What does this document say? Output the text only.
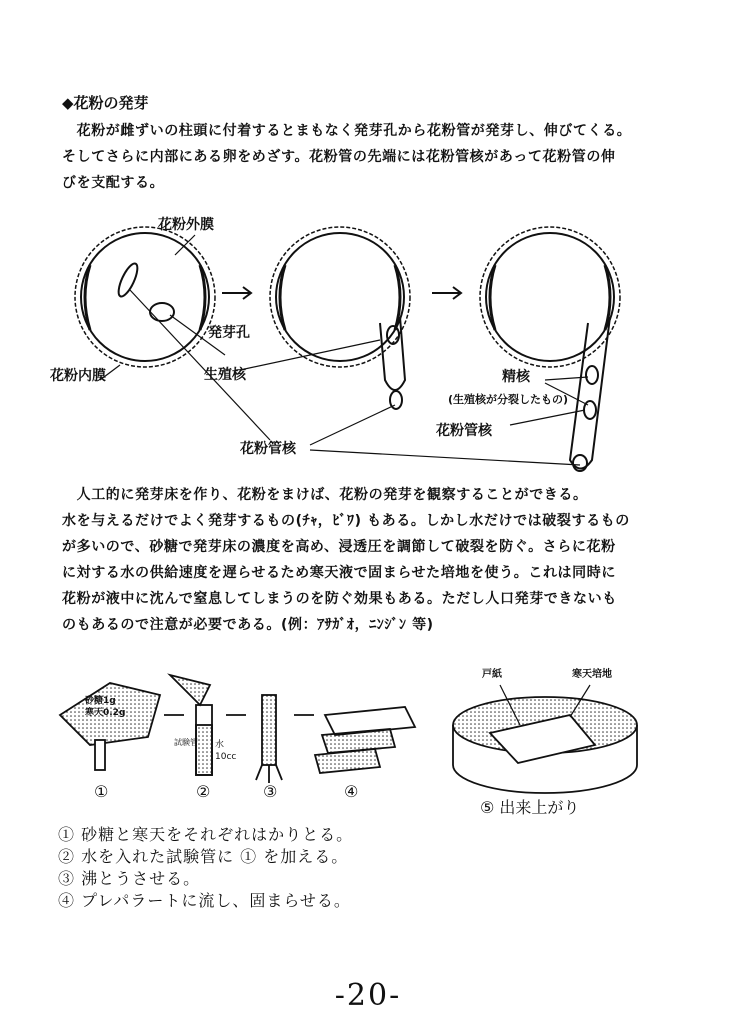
◆花粉の発芽
　花粉が雌ずいの柱頭に付着するとまもなく発芽孔から花粉管が発芽し、伸びてくる。
そしてさらに内部にある卵をめざす。花粉管の先端には花粉管核があって花粉管の伸
びを支配する。
花粉外膜
花粉内膜
発芽孔
生殖核
花粉管核
精核
(生殖核が分裂したもの)
花粉管核
　人工的に発芽床を作り、花粉をまけば、花粉の発芽を観察することができる。
水を与えるだけでよく発芽するもの(ﾁｬ，ﾋﾞﾜ) もある。しかし水だけでは破裂するもの
が多いので、砂糖で発芽床の濃度を高め、浸透圧を調節して破裂を防ぐ。さらに花粉
に対する水の供給速度を遅らせるため寒天液で固まらせた培地を使う。これは同時に
花粉が液中に沈んで窒息してしまうのを防ぐ効果もある。ただし人口発芽できないも
のもあるので注意が必要である。(例：ｱｻｶﾞｵ，ﾆﾝｼﾞﾝ 等)
砂糖1g
寒天0.2g
試験管 水
10cc
戸紙	寒天培地
①	②	③	④
⑤ 出来上がり
① 砂糖と寒天をそれぞれはかりとる。
② 水を入れた試験管に ① を加える。
③ 沸とうさせる。
④ プレパラートに流し、固まらせる。
-20-
